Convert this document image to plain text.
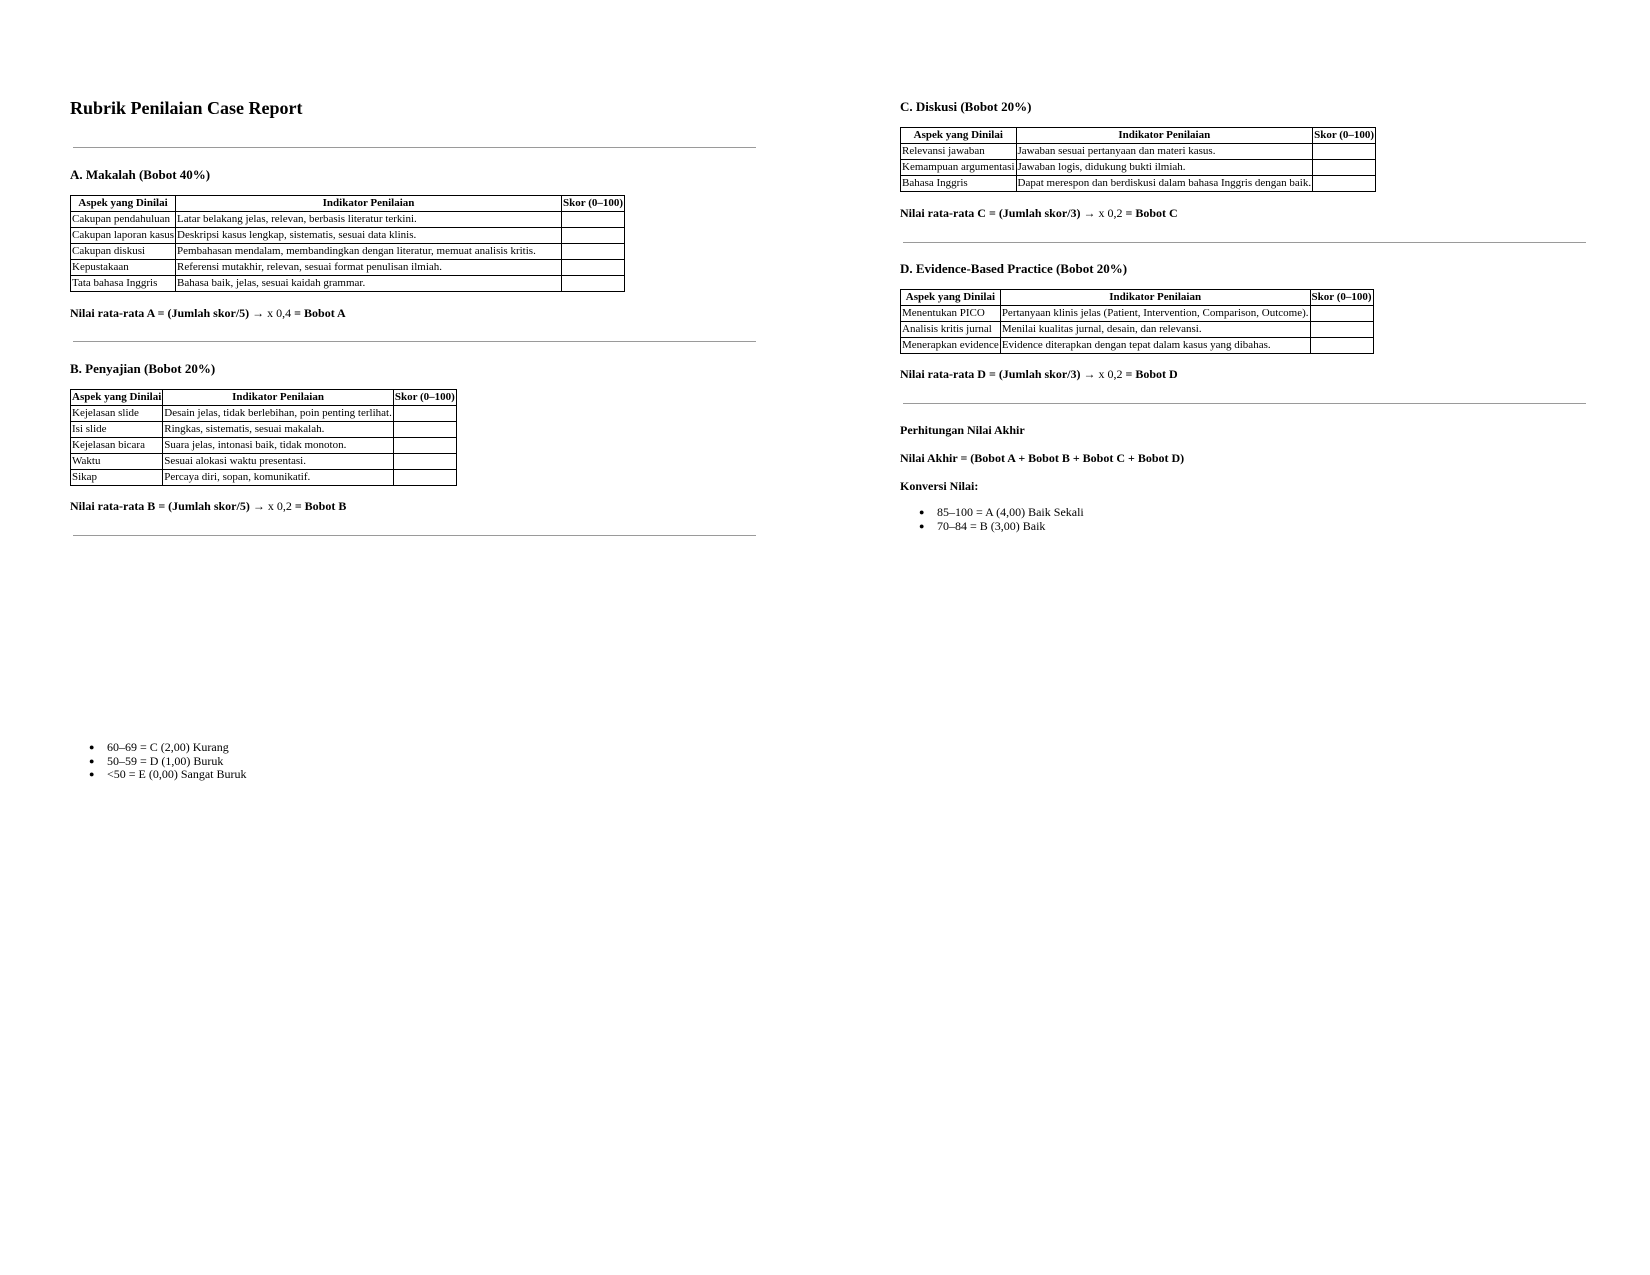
Rubrik Penilaian Case Report
A. Makalah (Bobot 40%)
Aspek yang Dinilai	Indikator Penilaian	Skor (0–100)
Cakupan pendahuluan	Latar belakang jelas, relevan, berbasis literatur terkini.	
Cakupan laporan kasus	Deskripsi kasus lengkap, sistematis, sesuai data klinis.	
Cakupan diskusi	Pembahasan mendalam, membandingkan dengan literatur, memuat analisis kritis.	
Kepustakaan	Referensi mutakhir, relevan, sesuai format penulisan ilmiah.	
Tata bahasa Inggris	Bahasa baik, jelas, sesuai kaidah grammar.	

Nilai rata-rata A = (Jumlah skor/5) → x 0,4 = Bobot A

B. Penyajian (Bobot 20%)
Aspek yang Dinilai	Indikator Penilaian	Skor (0–100)
Kejelasan slide	Desain jelas, tidak berlebihan, poin penting terlihat.	
Isi slide	Ringkas, sistematis, sesuai makalah.	
Kejelasan bicara	Suara jelas, intonasi baik, tidak monoton.	
Waktu	Sesuai alokasi waktu presentasi.	
Sikap	Percaya diri, sopan, komunikatif.	

Nilai rata-rata B = (Jumlah skor/5) → x 0,2 = Bobot B

● 60–69 = C (2,00) Kurang
● 50–59 = D (1,00) Buruk
● <50 = E (0,00) Sangat Buruk
C. Diskusi (Bobot 20%)
Aspek yang Dinilai	Indikator Penilaian	Skor (0–100)
Relevansi jawaban	Jawaban sesuai pertanyaan dan materi kasus.	
Kemampuan argumentasi	Jawaban logis, didukung bukti ilmiah.	
Bahasa Inggris	Dapat merespon dan berdiskusi dalam bahasa Inggris dengan baik.	

Nilai rata-rata C = (Jumlah skor/3) → x 0,2 = Bobot C

D. Evidence-Based Practice (Bobot 20%)
Aspek yang Dinilai	Indikator Penilaian	Skor (0–100)
Menentukan PICO	Pertanyaan klinis jelas (Patient, Intervention, Comparison, Outcome).	
Analisis kritis jurnal	Menilai kualitas jurnal, desain, dan relevansi.	
Menerapkan evidence	Evidence diterapkan dengan tepat dalam kasus yang dibahas.	

Nilai rata-rata D = (Jumlah skor/3) → x 0,2 = Bobot D

Perhitungan Nilai Akhir

Nilai Akhir = (Bobot A + Bobot B + Bobot C + Bobot D)

Konversi Nilai:

● 85–100 = A (4,00) Baik Sekali
● 70–84 = B (3,00) Baik
